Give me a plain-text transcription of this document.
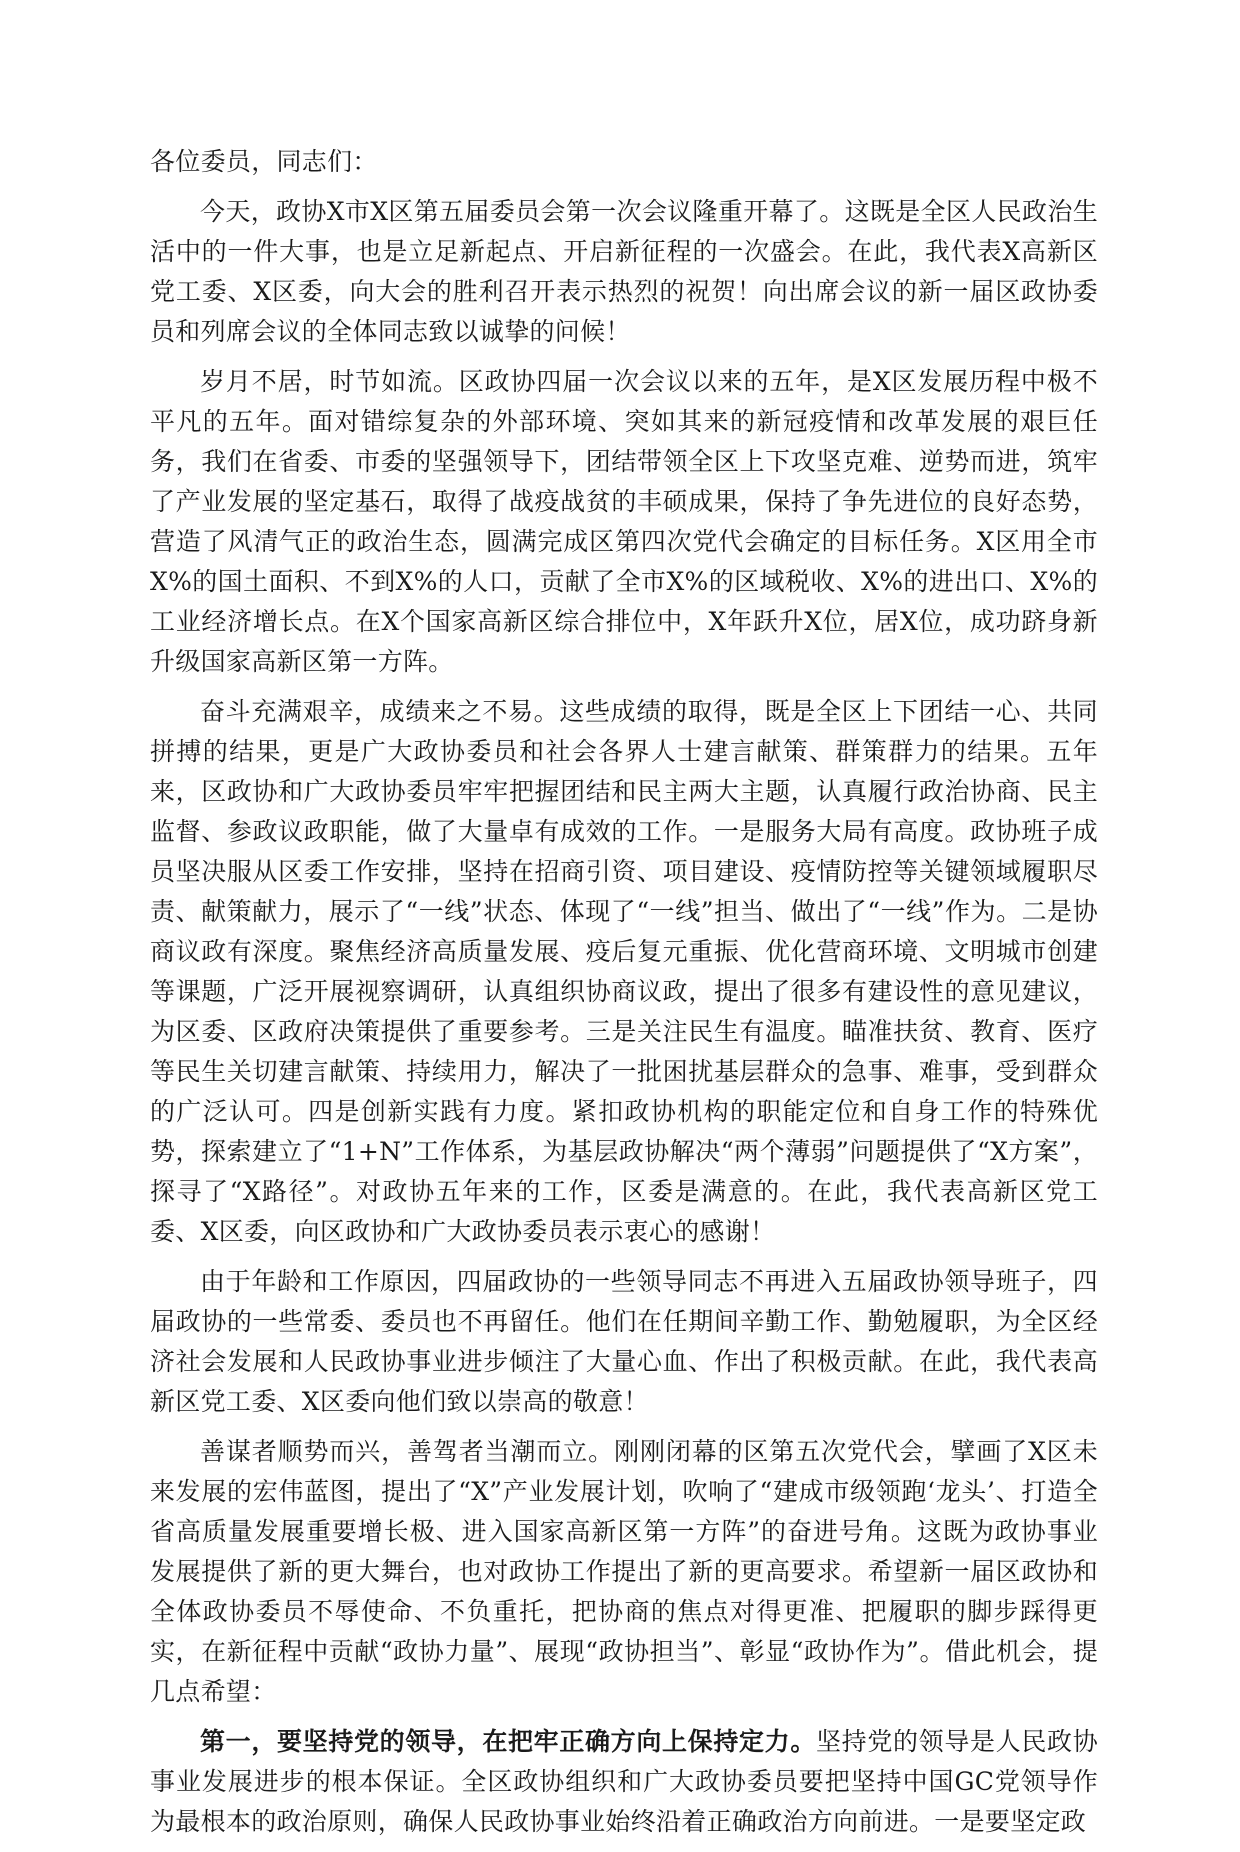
各位委员，同志们：

今天，政协X市X区第五届委员会第一次会议隆重开幕了。这既是全区人民政治生活中的一件大事，也是立足新起点、开启新征程的一次盛会。在此，我代表X高新区党工委、X区委，向大会的胜利召开表示热烈的祝贺！向出席会议的新一届区政协委员和列席会议的全体同志致以诚挚的问候！

岁月不居，时节如流。区政协四届一次会议以来的五年，是X区发展历程中极不平凡的五年。面对错综复杂的外部环境、突如其来的新冠疫情和改革发展的艰巨任务，我们在省委、市委的坚强领导下，团结带领全区上下攻坚克难、逆势而进，筑牢了产业发展的坚定基石，取得了战疫战贫的丰硕成果，保持了争先进位的良好态势，营造了风清气正的政治生态，圆满完成区第四次党代会确定的目标任务。X区用全市X%的国土面积、不到X%的人口，贡献了全市X%的区域税收、X%的进出口、X%的工业经济增长点。在X个国家高新区综合排位中，X年跃升X位，居X位，成功跻身新升级国家高新区第一方阵。

奋斗充满艰辛，成绩来之不易。这些成绩的取得，既是全区上下团结一心、共同拼搏的结果，更是广大政协委员和社会各界人士建言献策、群策群力的结果。五年来，区政协和广大政协委员牢牢把握团结和民主两大主题，认真履行政治协商、民主监督、参政议政职能，做了大量卓有成效的工作。一是服务大局有高度。政协班子成员坚决服从区委工作安排，坚持在招商引资、项目建设、疫情防控等关键领域履职尽责、献策献力，展示了“一线”状态、体现了“一线”担当、做出了“一线”作为。二是协商议政有深度。聚焦经济高质量发展、疫后复元重振、优化营商环境、文明城市创建等课题，广泛开展视察调研，认真组织协商议政，提出了很多有建设性的意见建议，为区委、区政府决策提供了重要参考。三是关注民生有温度。瞄准扶贫、教育、医疗等民生关切建言献策、持续用力，解决了一批困扰基层群众的急事、难事，受到群众的广泛认可。四是创新实践有力度。紧扣政协机构的职能定位和自身工作的特殊优势，探索建立了“1+N”工作体系，为基层政协解决“两个薄弱”问题提供了“X方案”，探寻了“X路径”。对政协五年来的工作，区委是满意的。在此，我代表高新区党工委、X区委，向区政协和广大政协委员表示衷心的感谢！

由于年龄和工作原因，四届政协的一些领导同志不再进入五届政协领导班子，四届政协的一些常委、委员也不再留任。他们在任期间辛勤工作、勤勉履职，为全区经济社会发展和人民政协事业进步倾注了大量心血、作出了积极贡献。在此，我代表高新区党工委、X区委向他们致以崇高的敬意！

善谋者顺势而兴，善驾者当潮而立。刚刚闭幕的区第五次党代会，擘画了X区未来发展的宏伟蓝图，提出了“X”产业发展计划，吹响了“建成市级领跑‘龙头’、打造全省高质量发展重要增长极、进入国家高新区第一方阵”的奋进号角。这既为政协事业发展提供了新的更大舞台，也对政协工作提出了新的更高要求。希望新一届区政协和全体政协委员不辱使命、不负重托，把协商的焦点对得更准、把履职的脚步踩得更实，在新征程中贡献“政协力量”、展现“政协担当”、彰显“政协作为”。借此机会，提几点希望：

第一，要坚持党的领导，在把牢正确方向上保持定力。坚持党的领导是人民政协事业发展进步的根本保证。全区政协组织和广大政协委员要把坚持中国GC党领导作为最根本的政治原则，确保人民政协事业始终沿着正确政治方向前进。一是要坚定政
